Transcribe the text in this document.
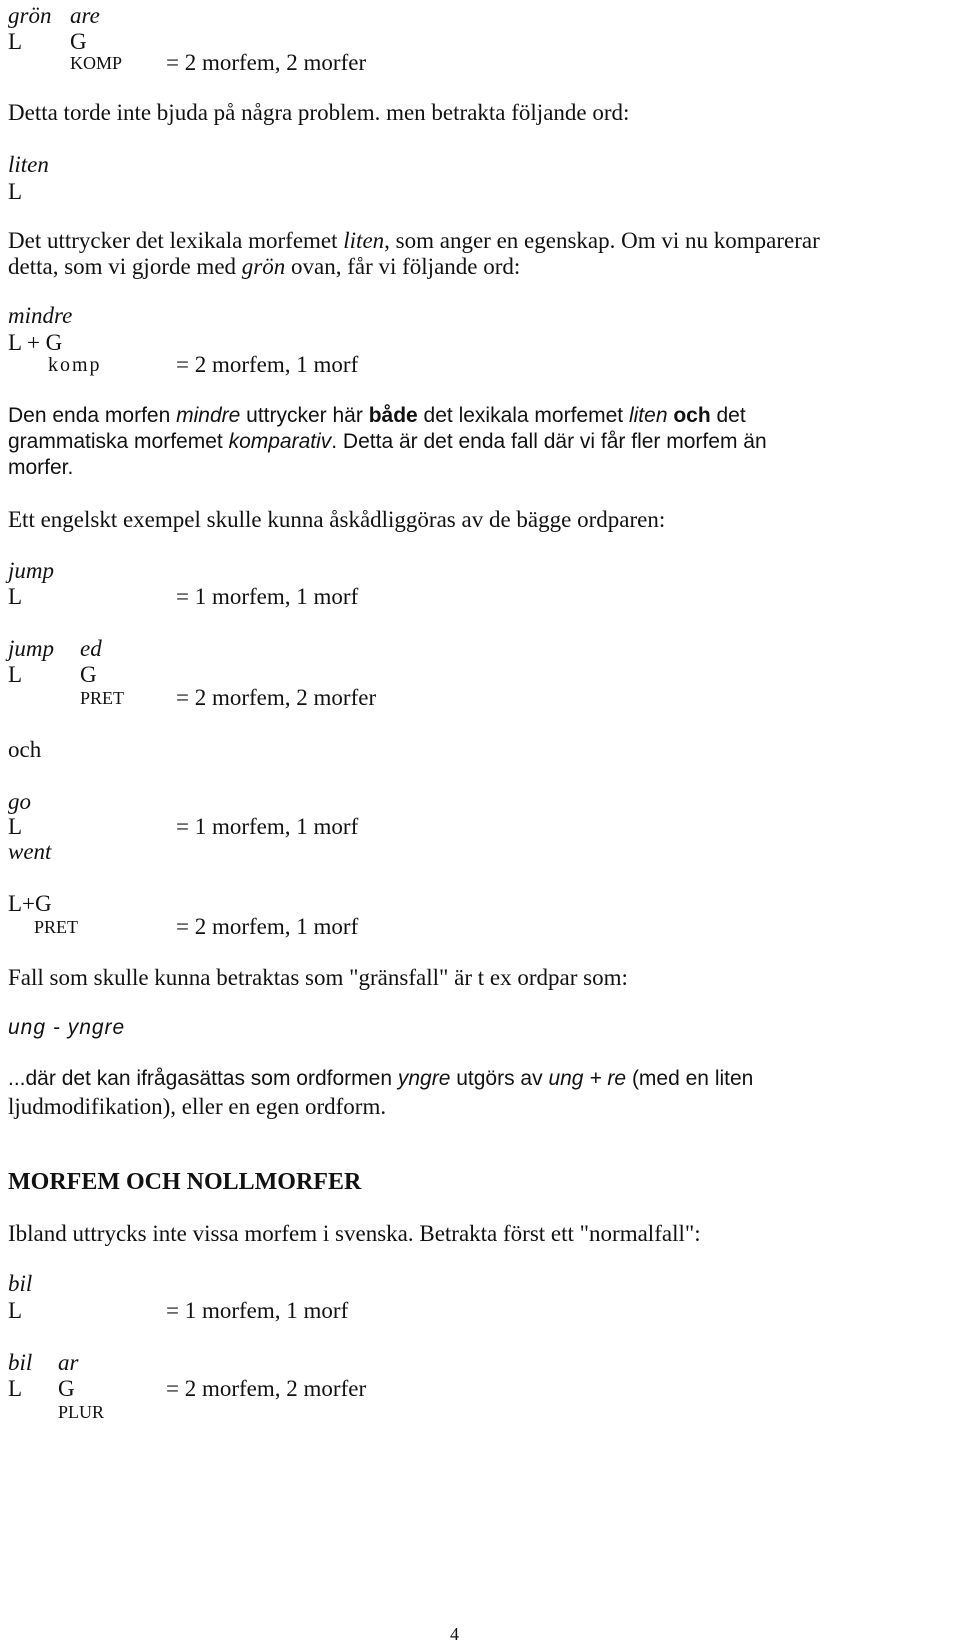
grön are
L G
KOMP = 2 morfem, 2 morfer
Detta torde inte bjuda på några problem. men betrakta följande ord:
liten
L
Det uttrycker det lexikala morfemet liten, som anger en egenskap. Om vi nu komparerar
detta, som vi gjorde med grön ovan, får vi följande ord:
mindre
L + G
komp	= 2 morfem, 1 morf
Den enda morfen mindre uttrycker här både det lexikala morfemet liten och det
grammatiska morfemet komparativ. Detta är det enda fall där vi får fler morfem än
morfer.
Ett engelskt exempel skulle kunna åskådliggöras av de bägge ordparen:
jump
L	= 1 morfem, 1 morf
jump ed
L	G
PRET = 2 morfem, 2 morfer
och
go
L	= 1 morfem, 1 morf
went
L+G
PRET	= 2 morfem, 1 morf
Fall som skulle kunna betraktas som "gränsfall" är t ex ordpar som:
ung - yngre
...där det kan ifrågasättas som ordformen yngre utgörs av ung + re (med en liten
ljudmodifikation), eller en egen ordform.
MORFEM OCH NOLLMORFER
Ibland uttrycks inte vissa morfem i svenska. Betrakta först ett "normalfall":
bil
L	= 1 morfem, 1 morf
bil ar
L G	= 2 morfem, 2 morfer
PLUR
4
